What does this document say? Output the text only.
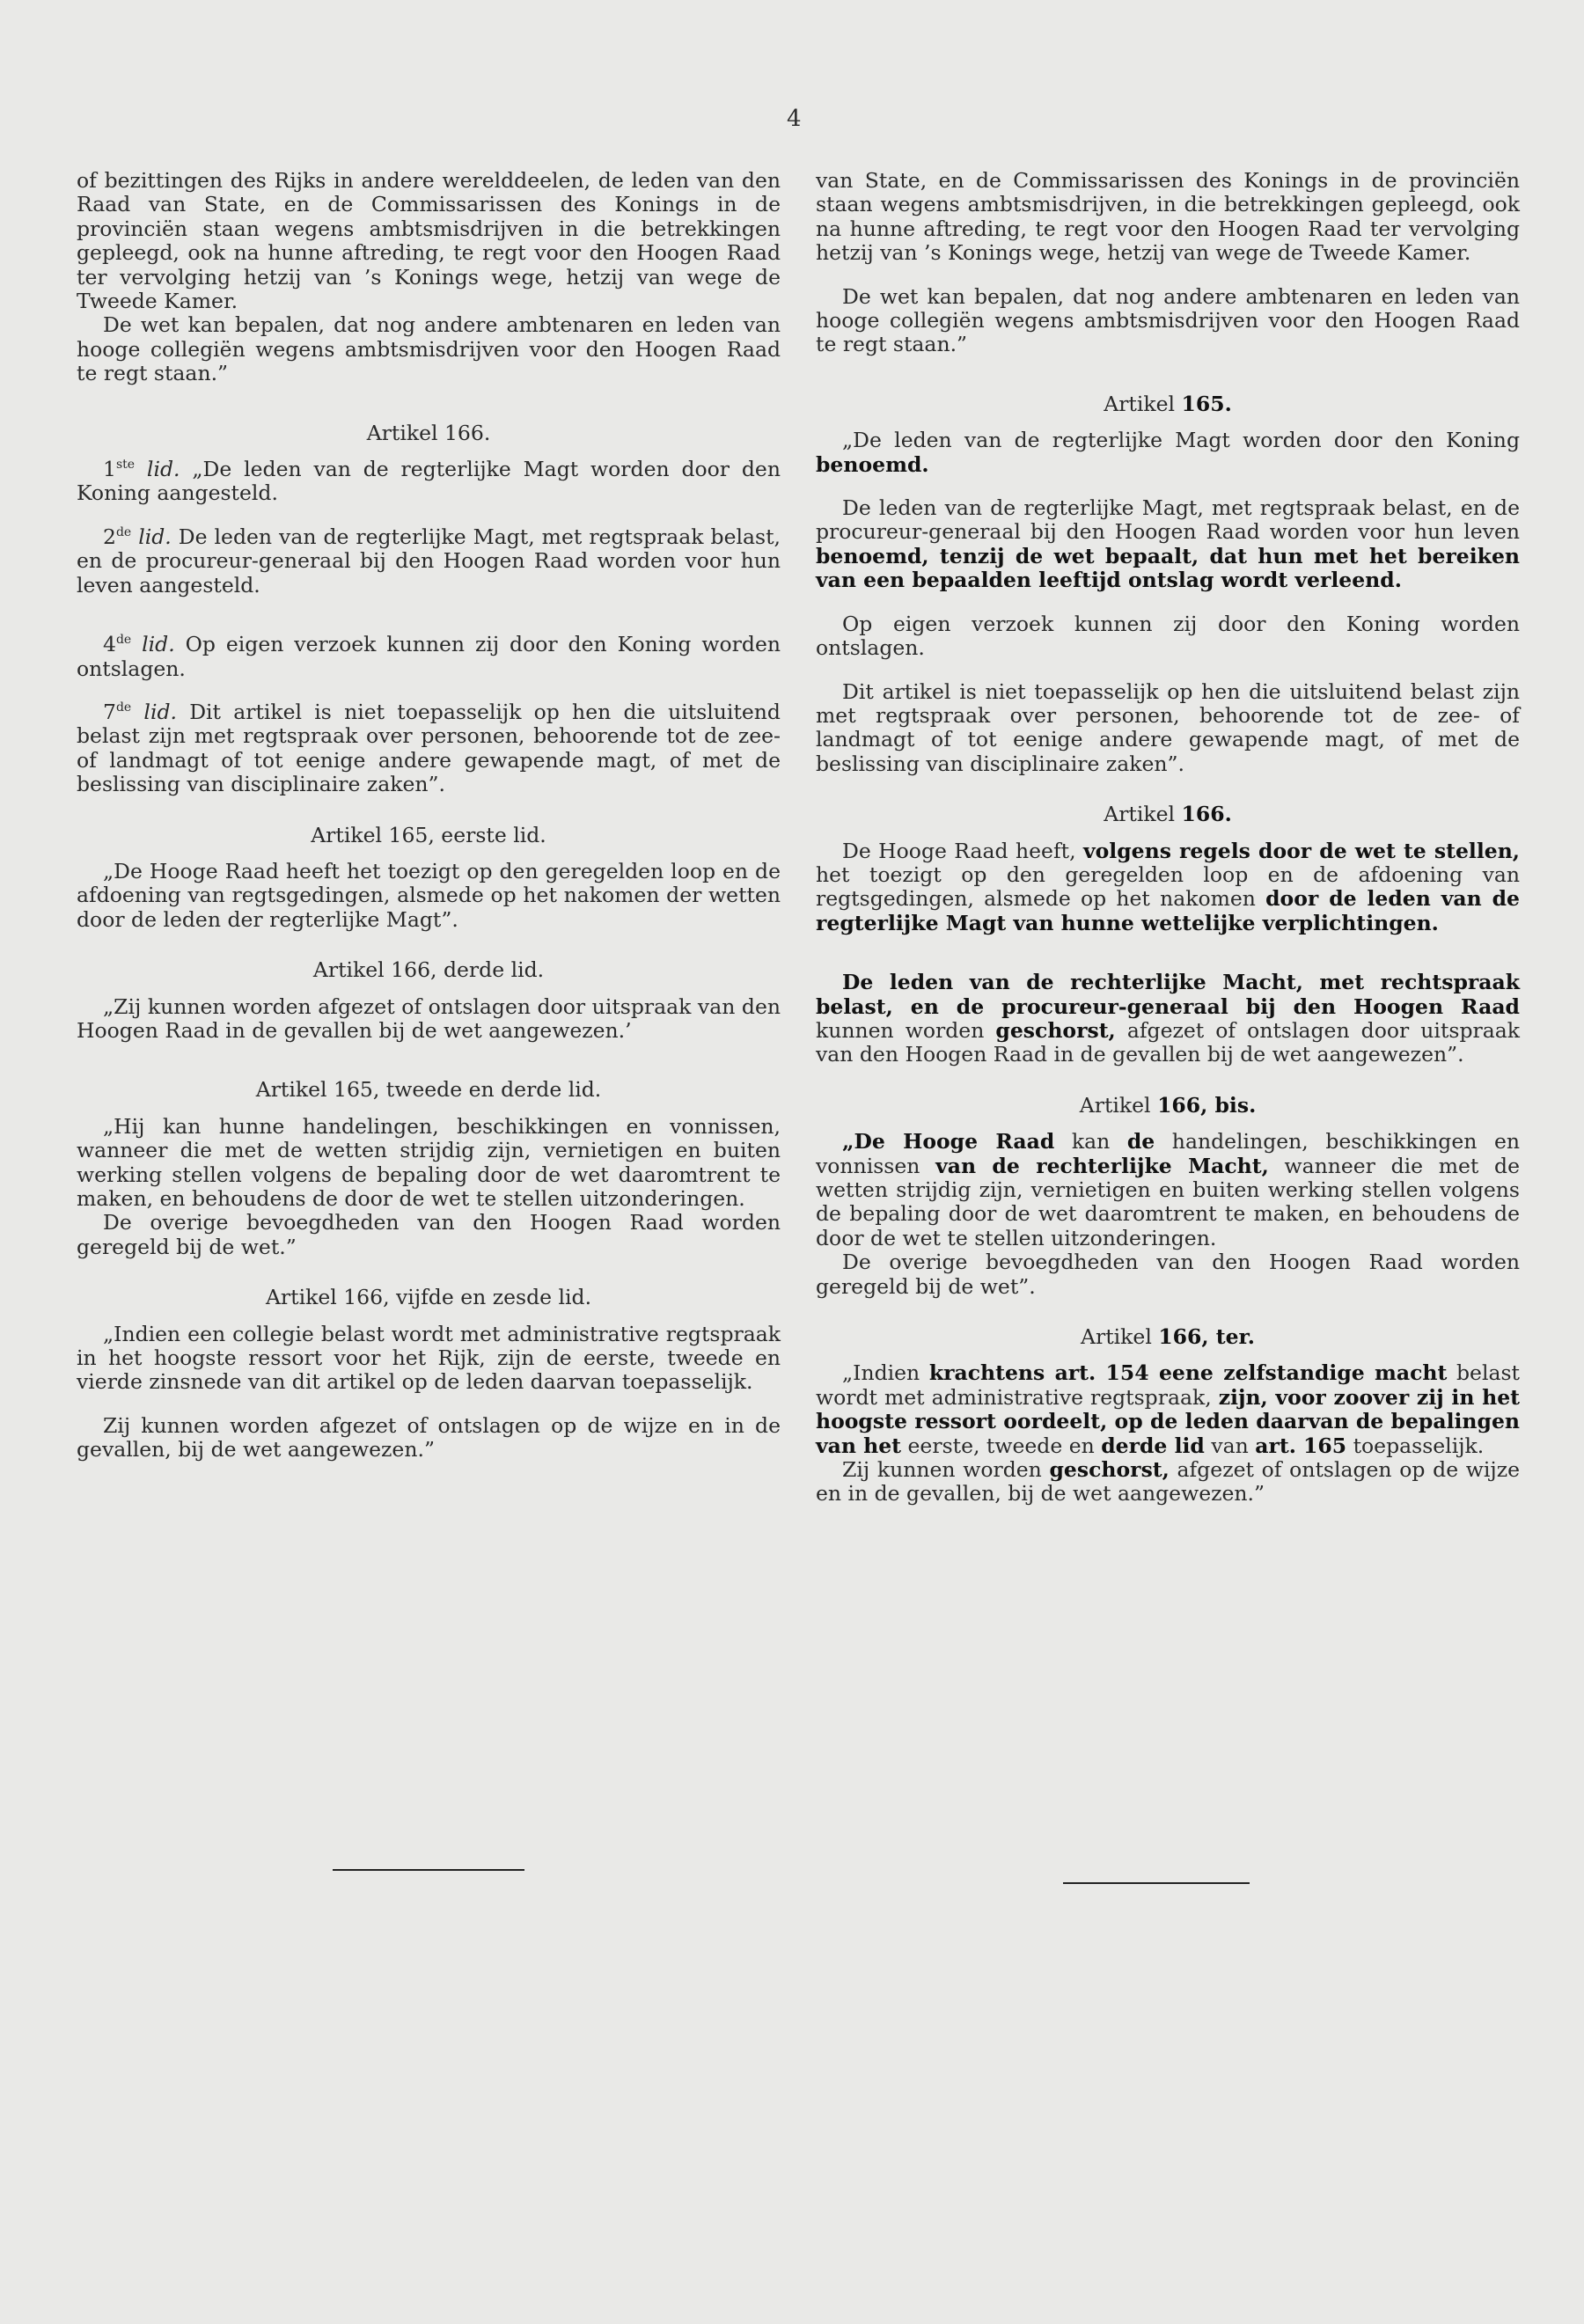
4

of bezittingen des Rijks in andere werelddeelen, de leden van den Raad van State, en de Commissarissen des Konings in de provinciën staan wegens ambtsmisdrijven in die betrekkingen gepleegd, ook na hunne aftreding, te regt voor den Hoogen Raad ter vervolging hetzij van ’s Konings wege, hetzij van wege de Tweede Kamer.

De wet kan bepalen, dat nog andere ambtenaren en leden van hooge collegiën wegens ambtsmisdrijven voor den Hoogen Raad te regt staan.”

Artikel 166.

1ste lid. „De leden van de regterlijke Magt worden door den Koning aangesteld.

2de lid. De leden van de regterlijke Magt, met regtspraak belast, en de procureur-generaal bij den Hoogen Raad worden voor hun leven aangesteld.

4de lid. Op eigen verzoek kunnen zij door den Koning worden ontslagen.

7de lid. Dit artikel is niet toepasselijk op hen die uitsluitend belast zijn met regtspraak over personen, behoorende tot de zee- of landmagt of tot eenige andere gewapende magt, of met de beslissing van disciplinaire zaken”.

Artikel 165, eerste lid.

„De Hooge Raad heeft het toezigt op den geregelden loop en de afdoening van regtsgedingen, alsmede op het nakomen der wetten door de leden der regterlijke Magt”.

Artikel 166, derde lid.

„Zij kunnen worden afgezet of ontslagen door uitspraak van den Hoogen Raad in de gevallen bij de wet aangewezen.’

Artikel 165, tweede en derde lid.

„Hij kan hunne handelingen, beschikkingen en vonnissen, wanneer die met de wetten strijdig zijn, vernietigen en buiten werking stellen volgens de bepaling door de wet daaromtrent te maken, en behoudens de door de wet te stellen uitzonderingen.

De overige bevoegdheden van den Hoogen Raad worden geregeld bij de wet.”

Artikel 166, vijfde en zesde lid.

„Indien een collegie belast wordt met administrative regtspraak in het hoogste ressort voor het Rijk, zijn de eerste, tweede en vierde zinsnede van dit artikel op de leden daarvan toepasselijk.

Zij kunnen worden afgezet of ontslagen op de wijze en in de gevallen, bij de wet aangewezen.”

van State, en de Commissarissen des Konings in de provinciën staan wegens ambtsmisdrijven, in die betrekkingen gepleegd, ook na hunne aftreding, te regt voor den Hoogen Raad ter vervolging hetzij van ’s Konings wege, hetzij van wege de Tweede Kamer.

De wet kan bepalen, dat nog andere ambtenaren en leden van hooge collegiën wegens ambtsmisdrijven voor den Hoogen Raad te regt staan.”

Artikel 165.

„De leden van de regterlijke Magt worden door den Koning benoemd.

De leden van de regterlijke Magt, met regtspraak belast, en de procureur-generaal bij den Hoogen Raad worden voor hun leven benoemd, tenzij de wet bepaalt, dat hun met het bereiken van een bepaalden leeftijd ontslag wordt verleend.

Op eigen verzoek kunnen zij door den Koning worden ontslagen.

Dit artikel is niet toepasselijk op hen die uitsluitend belast zijn met regtspraak over personen, behoorende tot de zee- of landmagt of tot eenige andere gewapende magt, of met de beslissing van disciplinaire zaken”.

Artikel 166.

De Hooge Raad heeft, volgens regels door de wet te stellen, het toezigt op den geregelden loop en de afdoening van regtsgedingen, alsmede op het nakomen door de leden van de regterlijke Magt van hunne wettelijke verplichtingen.

De leden van de rechterlijke Macht, met rechtspraak belast, en de procureur-generaal bij den Hoogen Raad kunnen worden geschorst, afgezet of ontslagen door uitspraak van den Hoogen Raad in de gevallen bij de wet aangewezen”.

Artikel 166, bis.

„De Hooge Raad kan de handelingen, beschikkingen en vonnissen van de rechterlijke Macht, wanneer die met de wetten strijdig zijn, vernietigen en buiten werking stellen volgens de bepaling door de wet daaromtrent te maken, en behoudens de door de wet te stellen uitzonderingen.

De overige bevoegdheden van den Hoogen Raad worden geregeld bij de wet”.

Artikel 166, ter.

„Indien krachtens art. 154 eene zelfstandige macht belast wordt met administrative regtspraak, zijn, voor zoover zij in het hoogste ressort oordeelt, op de leden daarvan de bepalingen van het eerste, tweede en derde lid van art. 165 toepasselijk.

Zij kunnen worden geschorst, afgezet of ontslagen op de wijze en in de gevallen, bij de wet aangewezen.”
